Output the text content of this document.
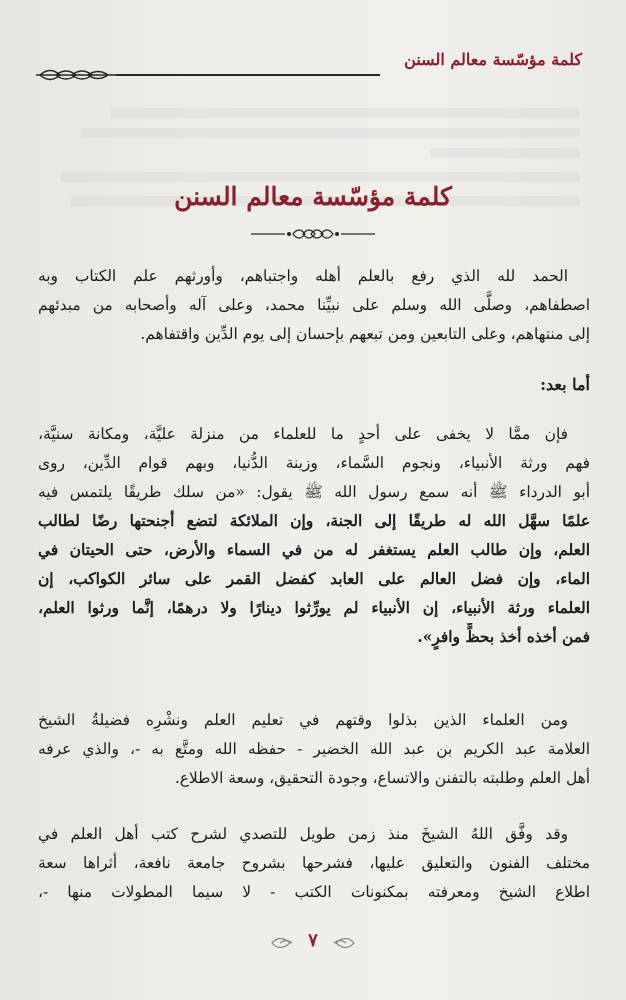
كلمة مؤسّسة معالم السنن
كلمة مؤسّسة معالم السنن
الحمد لله الذي رفع بالعلم أهله واجتباهم، وأورثهم علم الكتاب وبه
اصطفاهم، وصلَّى الله وسلم على نبيِّنا محمد، وعلى آله وأصحابه من مبدئهم
إلى منتهاهم، وعلى التابعين ومن تبعهم بإحسان إلى يوم الدِّين واقتفاهم.
أما بعد:
فإن ممَّا لا يخفى على أحدٍ ما للعلماء من منزلة عليَّة، ومكانة سنيَّة،
فهم ورثة الأنبياء، ونجوم السَّماء، وزينة الدُّنيا، وبهم قوام الدِّين، روى
أبو الدرداء ﷺ أنه سمع رسول الله ﷺ يقول: «من سلك طريقًا يلتمس فيه
علمًا سهَّل الله له طريقًا إلى الجنة، وإن الملائكة لتضع أجنحتها رضًا لطالب
العلم، وإن طالب العلم يستغفر له من في السماء والأرض، حتى الحيتان في
الماء، وإن فضل العالم على العابد كفضل القمر على سائر الكواكب، إن
العلماء ورثة الأنبياء، إن الأنبياء لم يورِّثوا دينارًا ولا درهمًا، إنَّما ورثوا العلم،
فمن أخذه أخذ بحظٍّ وافرٍ».
ومن العلماء الذين بذلوا وقتهم في تعليم العلم ونشْرِه فضيلةُ الشيخ
العلامة عبد الكريم بن عبد الله الخضير - حفظه الله ومتَّع به -، والذي عرفه
أهل العلم وطلبته بالتفنن والاتساع، وجودة التحقيق، وسعة الاطلاع.
وقد وفَّق اللهُ الشيخَ منذ زمن طويل للتصدي لشرح كتب أهل العلم في
مختلف الفنون والتعليق عليها، فشرحها بشروح جامعة نافعة، أثراها سعة
اطلاع الشيخ ومعرفته بمكنونات الكتب - لا سيما المطولات منها -،
٧
